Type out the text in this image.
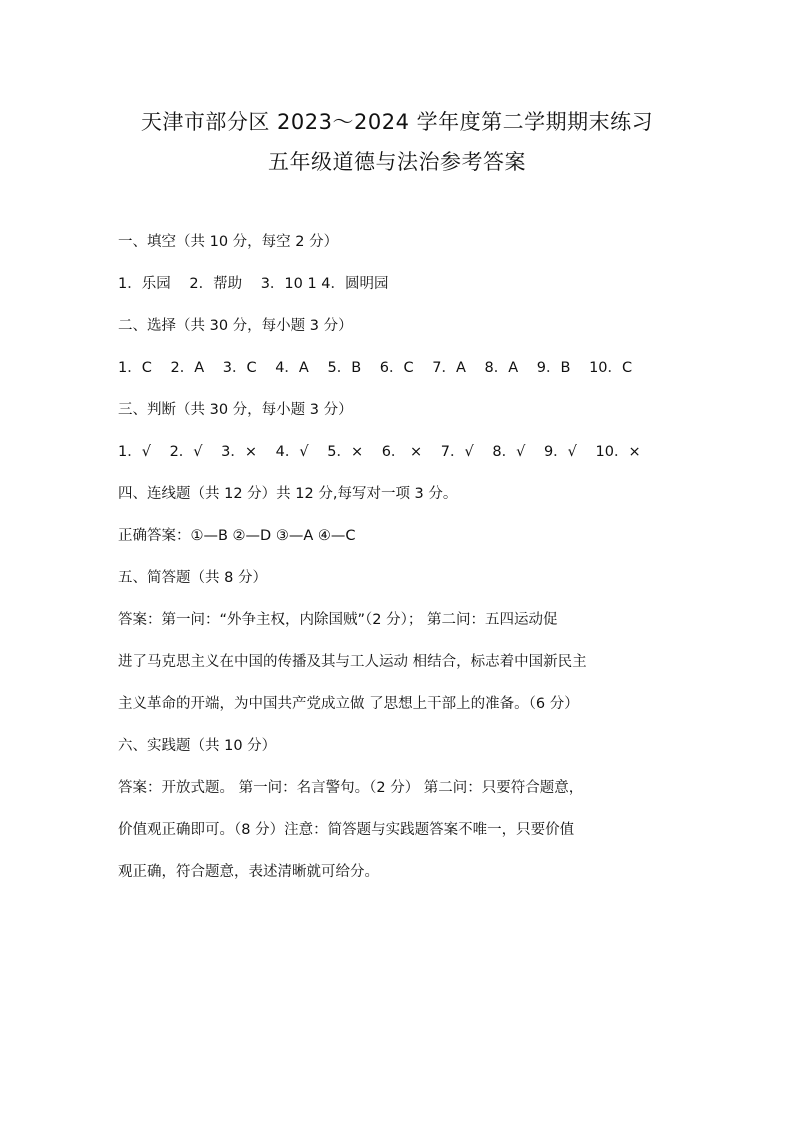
天津市部分区 2023～2024 学年度第二学期期末练习
五年级道德与法治参考答案
一、填空（共 10 分，每空 2 分）
1．乐园 2．帮助 3．10 1 4．圆明园
二、选择（共 30 分，每小题 3 分）
1．C 2．A 3．C 4．A 5．B 6．C 7．A 8．A 9．B 10．C
三、判断（共 30 分，每小题 3 分）
1．√ 2．√ 3．× 4．√ 5．× 6． × 7．√ 8．√ 9．√ 10．×
四、连线题（共 12 分）共 12 分,每写对一项 3 分。
正确答案：①—B ②—D ③—A ④—C
五、简答题（共 8 分）
答案：第一问：“外争主权，内除国贼”（2 分）； 第二问：五四运动促
进了马克思主义在中国的传播及其与工人运动 相结合，标志着中国新民主
主义革命的开端，为中国共产党成立做 了思想上干部上的准备。（6 分）
六、实践题（共 10 分）
答案：开放式题。 第一问：名言警句。（2 分） 第二问：只要符合题意，
价值观正确即可。（8 分）注意：简答题与实践题答案不唯一，只要价值
观正确，符合题意，表述清晰就可给分。
